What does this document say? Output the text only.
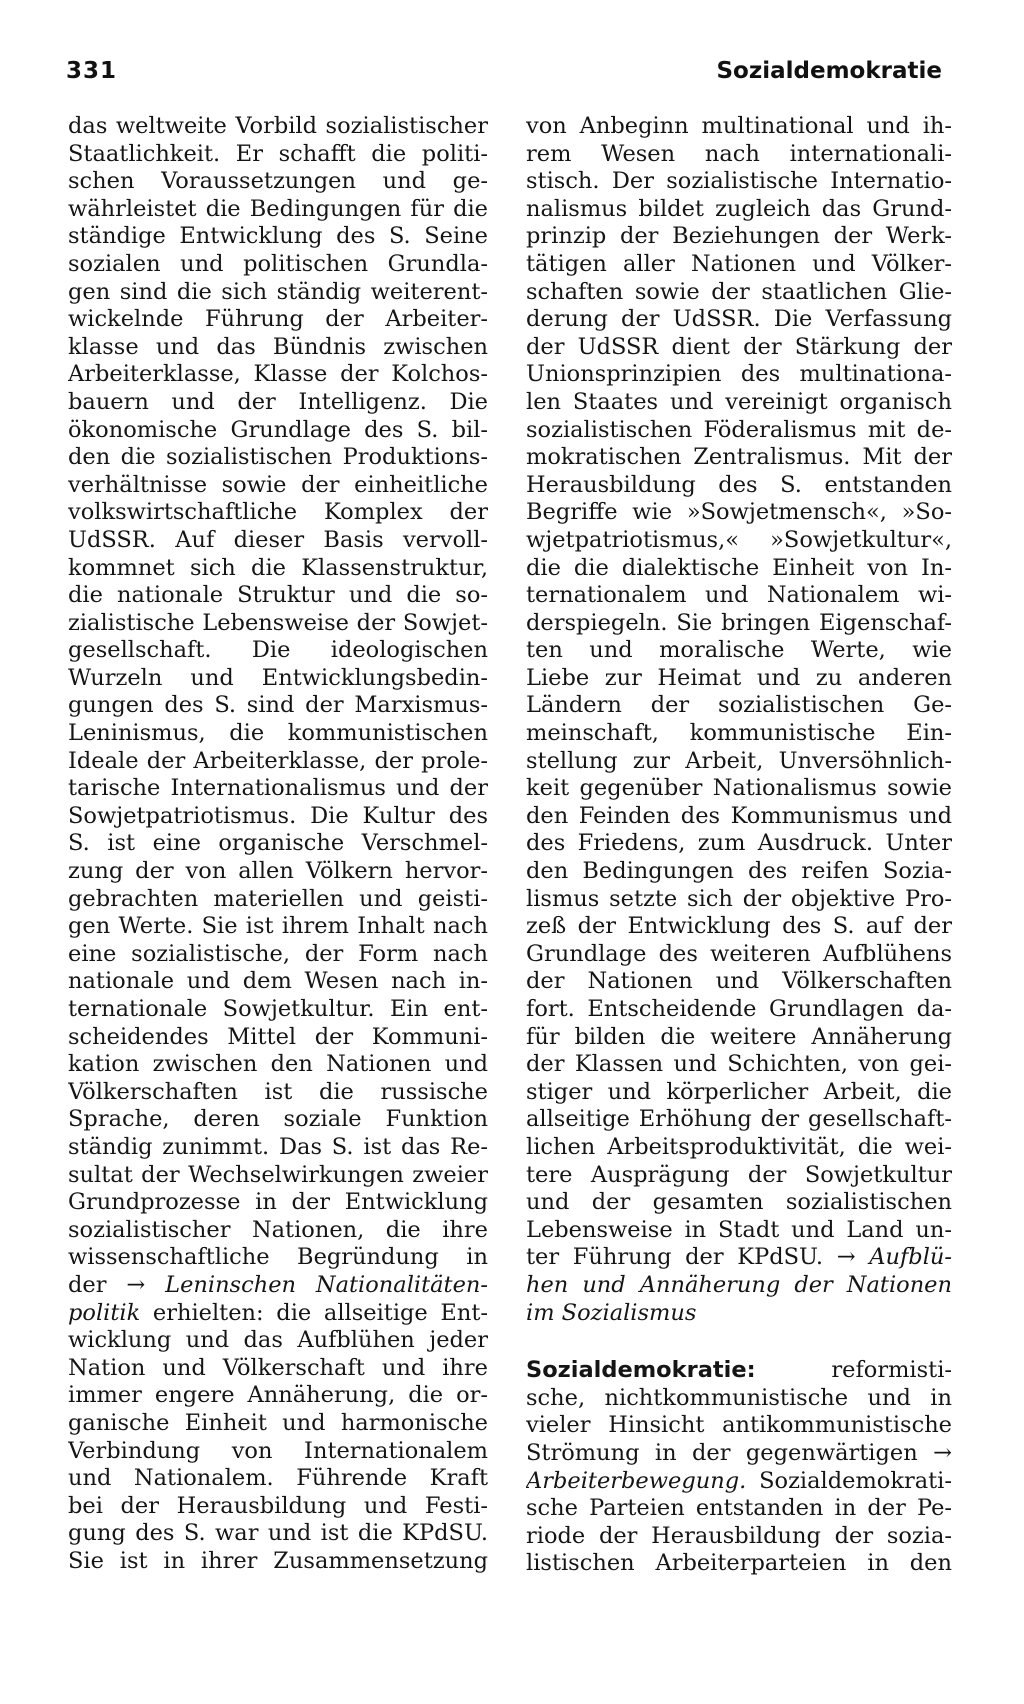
331	Sozialdemokratie
das weltweite Vorbild sozialistischer
Staatlichkeit. Er schafft die politi-
schen Voraussetzungen und ge-
währleistet die Bedingungen für die
ständige Entwicklung des S. Seine
sozialen und politischen Grundla-
gen sind die sich ständig weiterent-
wickelnde Führung der Arbeiter-
klasse und das Bündnis zwischen
Arbeiterklasse, Klasse der Kolchos-
bauern und der Intelligenz. Die
ökonomische Grundlage des S. bil-
den die sozialistischen Produktions-
verhältnisse sowie der einheitliche
volkswirtschaftliche Komplex der
UdSSR. Auf dieser Basis vervoll-
kommnet sich die Klassenstruktur,
die nationale Struktur und die so-
zialistische Lebensweise der Sowjet-
gesellschaft. Die ideologischen
Wurzeln und Entwicklungsbedin-
gungen des S. sind der Marxismus-
Leninismus, die kommunistischen
Ideale der Arbeiterklasse, der prole-
tarische Internationalismus und der
Sowjetpatriotismus. Die Kultur des
S. ist eine organische Verschmel-
zung der von allen Völkern hervor-
gebrachten materiellen und geisti-
gen Werte. Sie ist ihrem Inhalt nach
eine sozialistische, der Form nach
nationale und dem Wesen nach in-
ternationale Sowjetkultur. Ein ent-
scheidendes Mittel der Kommuni-
kation zwischen den Nationen und
Völkerschaften ist die russische
Sprache, deren soziale Funktion
ständig zunimmt. Das S. ist das Re-
sultat der Wechselwirkungen zweier
Grundprozesse in der Entwicklung
sozialistischer Nationen, die ihre
wissenschaftliche Begründung in
der → Leninschen Nationalitäten-
politik erhielten: die allseitige Ent-
wicklung und das Aufblühen jeder
Nation und Völkerschaft und ihre
immer engere Annäherung, die or-
ganische Einheit und harmonische
Verbindung von Internationalem
und Nationalem. Führende Kraft
bei der Herausbildung und Festi-
gung des S. war und ist die KPdSU.
Sie ist in ihrer Zusammensetzung
von Anbeginn multinational und ih-
rem Wesen nach internationali-
stisch. Der sozialistische Internatio-
nalismus bildet zugleich das Grund-
prinzip der Beziehungen der Werk-
tätigen aller Nationen und Völker-
schaften sowie der staatlichen Glie-
derung der UdSSR. Die Verfassung
der UdSSR dient der Stärkung der
Unionsprinzipien des multinationa-
len Staates und vereinigt organisch
sozialistischen Föderalismus mit de-
mokratischen Zentralismus. Mit der
Herausbildung des S. entstanden
Begriffe wie »Sowjetmensch«, »So-
wjetpatriotismus,« »Sowjetkultur«,
die die dialektische Einheit von In-
ternationalem und Nationalem wi-
derspiegeln. Sie bringen Eigenschaf-
ten und moralische Werte, wie
Liebe zur Heimat und zu anderen
Ländern der sozialistischen Ge-
meinschaft, kommunistische Ein-
stellung zur Arbeit, Unversöhnlich-
keit gegenüber Nationalismus sowie
den Feinden des Kommunismus und
des Friedens, zum Ausdruck. Unter
den Bedingungen des reifen Sozia-
lismus setzte sich der objektive Pro-
zeß der Entwicklung des S. auf der
Grundlage des weiteren Aufblühens
der Nationen und Völkerschaften
fort. Entscheidende Grundlagen da-
für bilden die weitere Annäherung
der Klassen und Schichten, von gei-
stiger und körperlicher Arbeit, die
allseitige Erhöhung der gesellschaft-
lichen Arbeitsproduktivität, die wei-
tere Ausprägung der Sowjetkultur
und der gesamten sozialistischen
Lebensweise in Stadt und Land un-
ter Führung der KPdSU. → Aufblü-
hen und Annäherung der Nationen
im Sozialismus
Sozialdemokratie: reformisti-
sche, nichtkommunistische und in
vieler Hinsicht antikommunistische
Strömung in der gegenwärtigen →
Arbeiterbewegung. Sozialdemokrati-
sche Parteien entstanden in der Pe-
riode der Herausbildung der sozia-
listischen Arbeiterparteien in den
